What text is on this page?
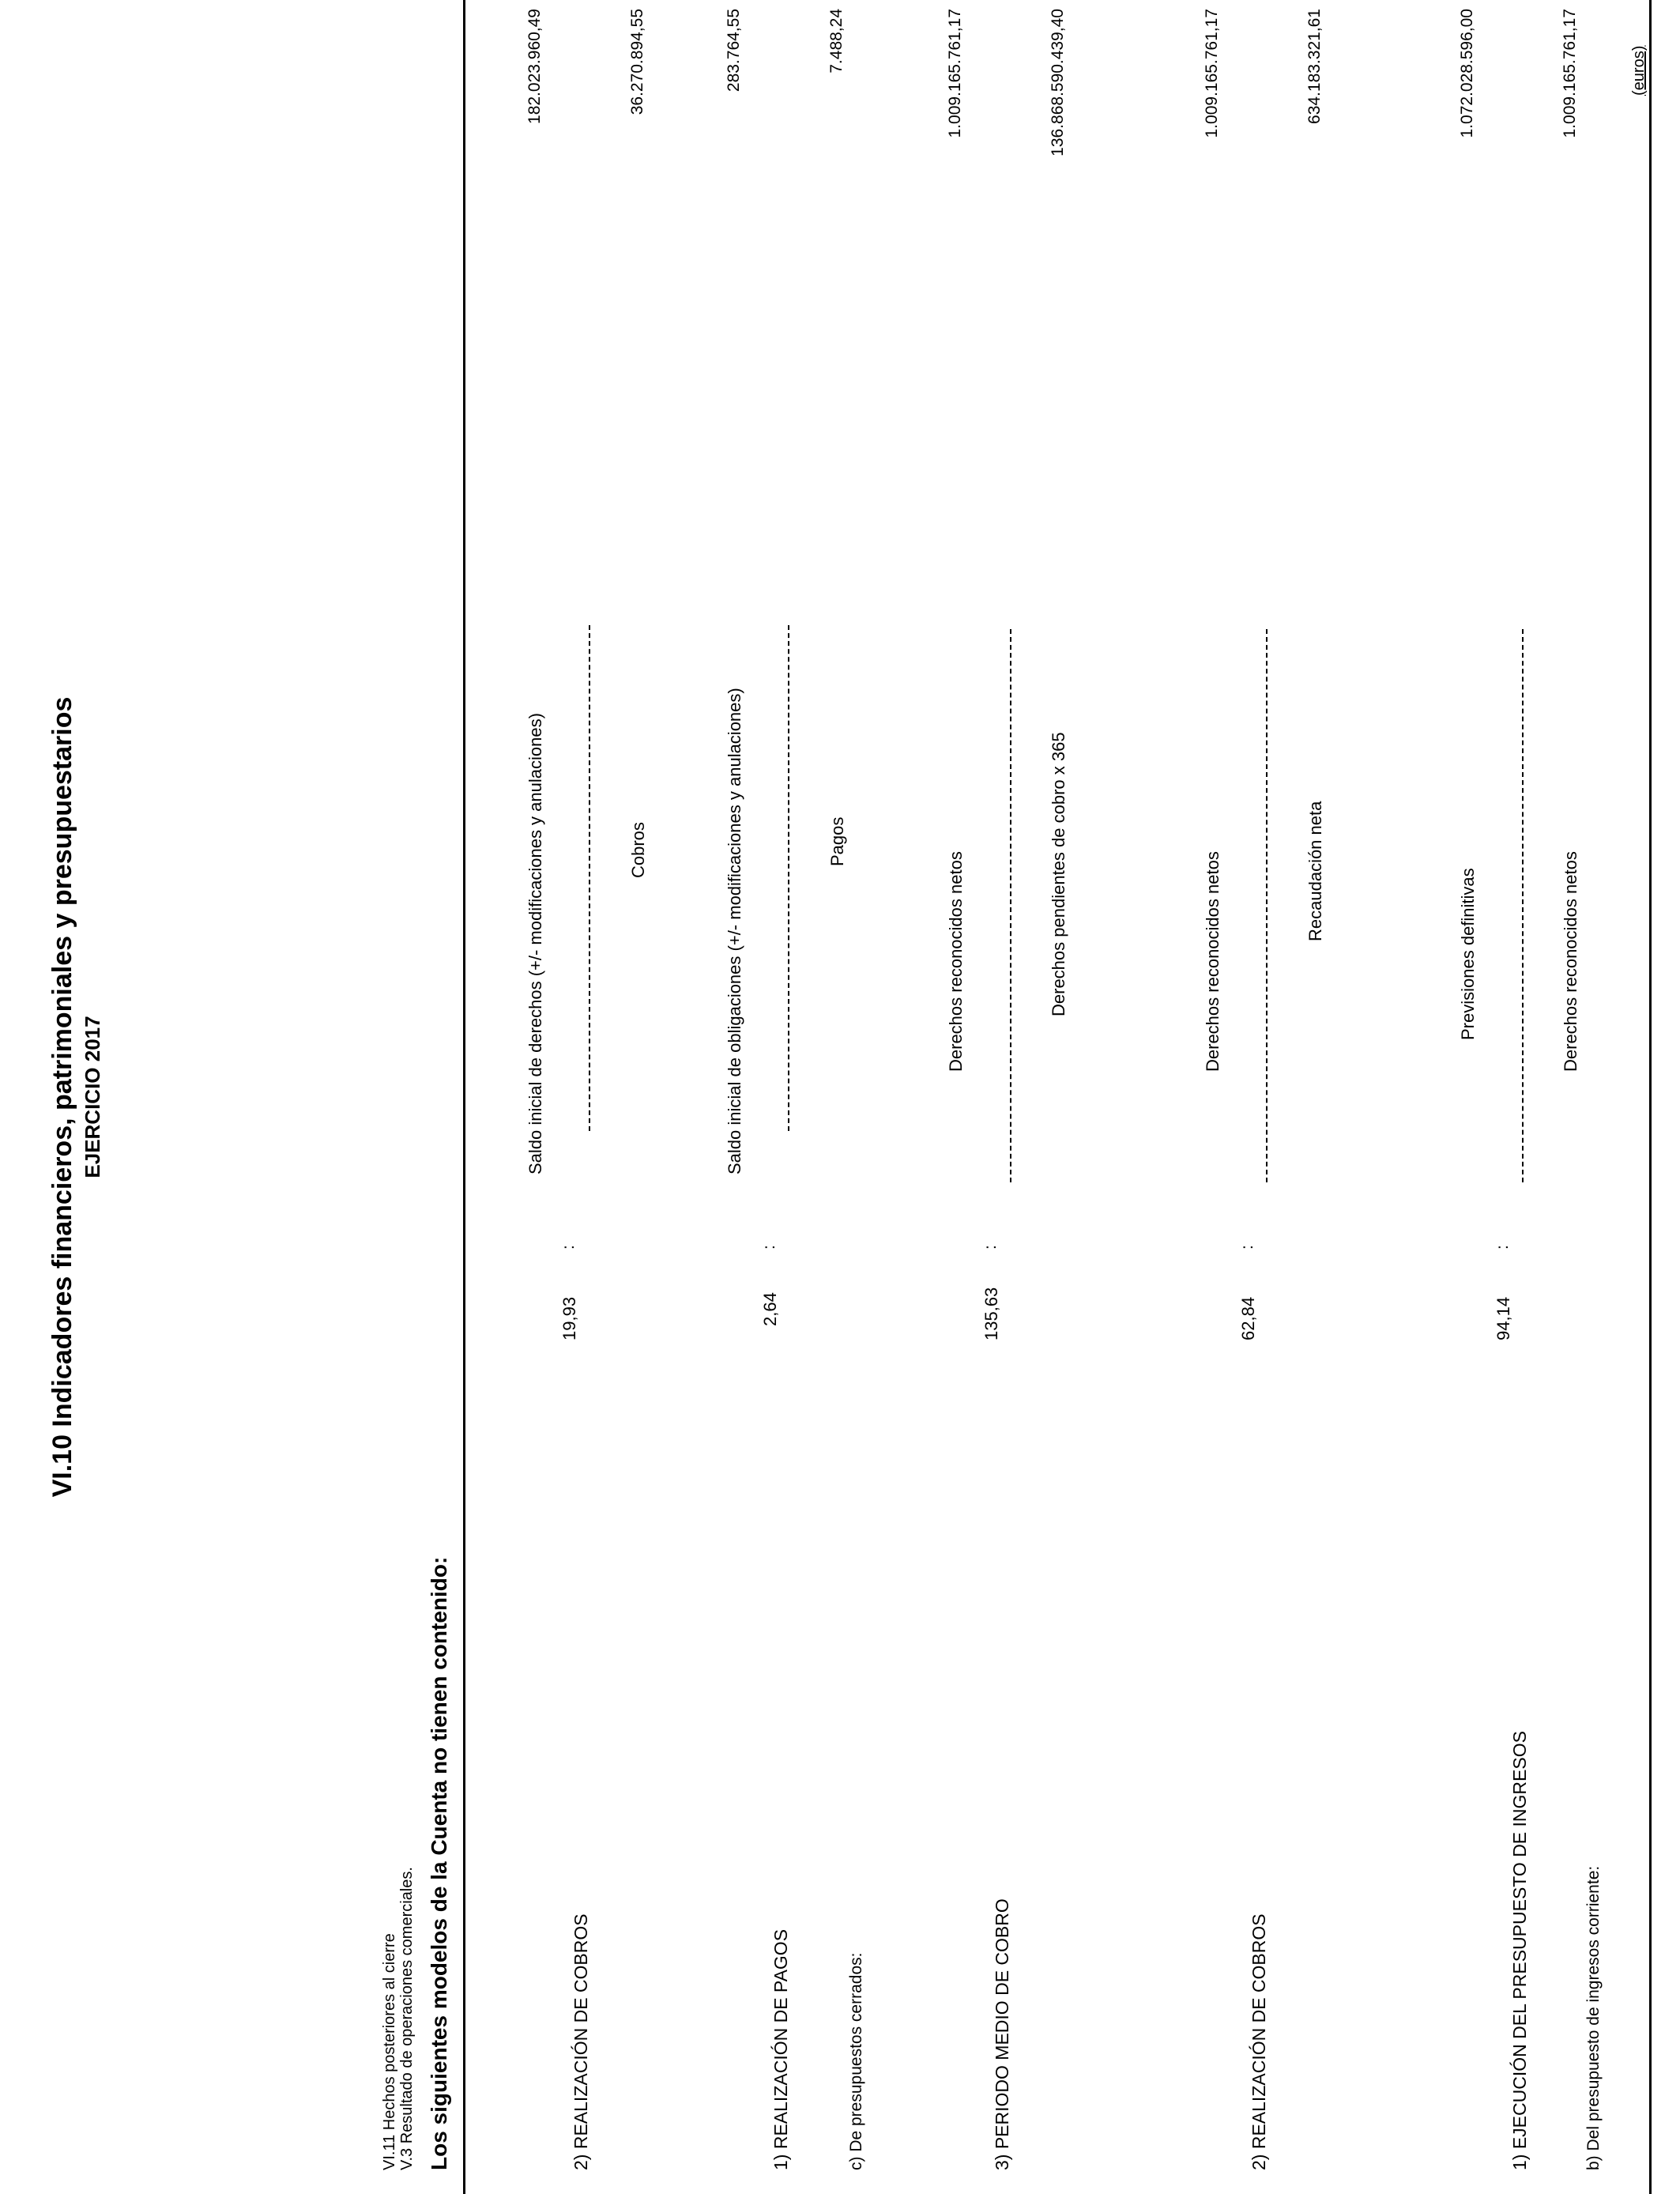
VI.10 Indicadores financieros, patrimoniales y presupuestarios EJERCICIO 2017
(euros)
b) Del presupuesto de ingresos corriente:
1) EJECUCIÓN DEL PRESUPUESTO DE INGRESOS
94,14
:
Derechos reconocidos netos
Previsiones definitivas
1.009.165.761,17
1.072.028.596,00
2) REALIZACIÓN DE COBROS
62,84
:
Recaudación neta
Derechos reconocidos netos
634.183.321,61
1.009.165.761,17
3) PERIODO MEDIO DE COBRO
135,63
:
Derechos pendientes de cobro x 365
Derechos reconocidos netos
136.868.590.439,40
1.009.165.761,17
c) De presupuestos cerrados:
1) REALIZACIÓN DE PAGOS
2,64
:
Pagos
Saldo inicial de obligaciones (+/- modificaciones y anulaciones)
7.488,24
283.764,55
2) REALIZACIÓN DE COBROS
19,93
:
Cobros
Saldo inicial de derechos (+/- modificaciones y anulaciones)
36.270.894,55
182.023.960,49
Los siguientes modelos de la Cuenta no tienen contenido:
V.3 Resultado de operaciones comerciales.
VI.11 Hechos posteriores al cierre
